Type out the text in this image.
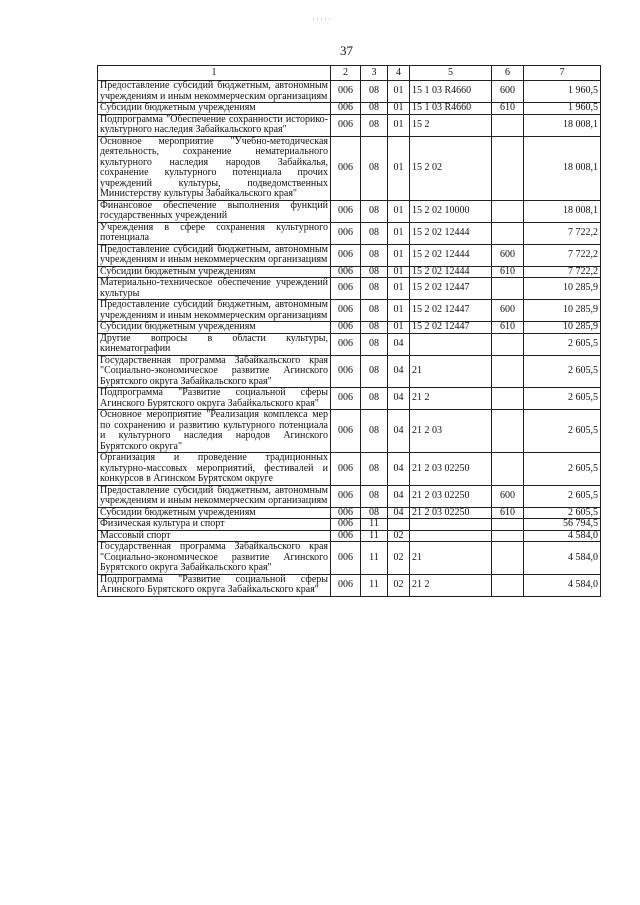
·····
37
1	2	3	4	5	6	7
Предоставление субсидий бюджетным, автономным учреждениям и иным некоммерческим организациям	006	08	01	15 1 03 R4660	600	1 960,5
Субсидии бюджетным учреждениям	006	08	01	15 1 03 R4660	610	1 960,5
Подпрограмма "Обеспечение сохранности историко-культурного наследия Забайкальского края"	006	08	01	15 2		18 008,1
Основное мероприятие "Учебно-методическая деятельность, сохранение нематериального культурного наследия народов Забайкалья, сохранение культурного потенциала прочих учреждений культуры, подведомственных Министерству культуры Забайкальского края"	006	08	01	15 2 02		18 008,1
Финансовое обеспечение выполнения функций государственных учреждений	006	08	01	15 2 02 10000		18 008,1
Учреждения в сфере сохранения культурного потенциала	006	08	01	15 2 02 12444		7 722,2
Предоставление субсидий бюджетным, автономным учреждениям и иным некоммерческим организациям	006	08	01	15 2 02 12444	600	7 722,2
Субсидии бюджетным учреждениям	006	08	01	15 2 02 12444	610	7 722,2
Материально-техническое обеспечение учреждений культуры	006	08	01	15 2 02 12447		10 285,9
Предоставление субсидий бюджетным, автономным учреждениям и иным некоммерческим организациям	006	08	01	15 2 02 12447	600	10 285,9
Субсидии бюджетным учреждениям	006	08	01	15 2 02 12447	610	10 285,9
Другие вопросы в области культуры, кинематографии	006	08	04			2 605,5
Государственная программа Забайкальского края "Социально-экономическое развитие Агинского Бурятского округа Забайкальского края"	006	08	04	21		2 605,5
Подпрограмма "Развитие социальной сферы Агинского Бурятского округа Забайкальского края"	006	08	04	21 2		2 605,5
Основное мероприятие "Реализация комплекса мер по сохранению и развитию культурного потенциала и культурного наследия народов Агинского Бурятского округа"	006	08	04	21 2 03		2 605,5
Организация и проведение традиционных культурно-массовых мероприятий, фестивалей и конкурсов в Агинском Бурятском округе	006	08	04	21 2 03 02250		2 605,5
Предоставление субсидий бюджетным, автономным учреждениям и иным некоммерческим организациям	006	08	04	21 2 03 02250	600	2 605,5
Субсидии бюджетным учреждениям	006	08	04	21 2 03 02250	610	2 605,5
Физическая культура и спорт	006	11				56 794,5
Массовый спорт	006	11	02			4 584,0
Государственная программа Забайкальского края "Социально-экономическое развитие Агинского Бурятского округа Забайкальского края"	006	11	02	21		4 584,0
Подпрограмма "Развитие социальной сферы Агинского Бурятского округа Забайкальского края"	006	11	02	21 2		4 584,0
